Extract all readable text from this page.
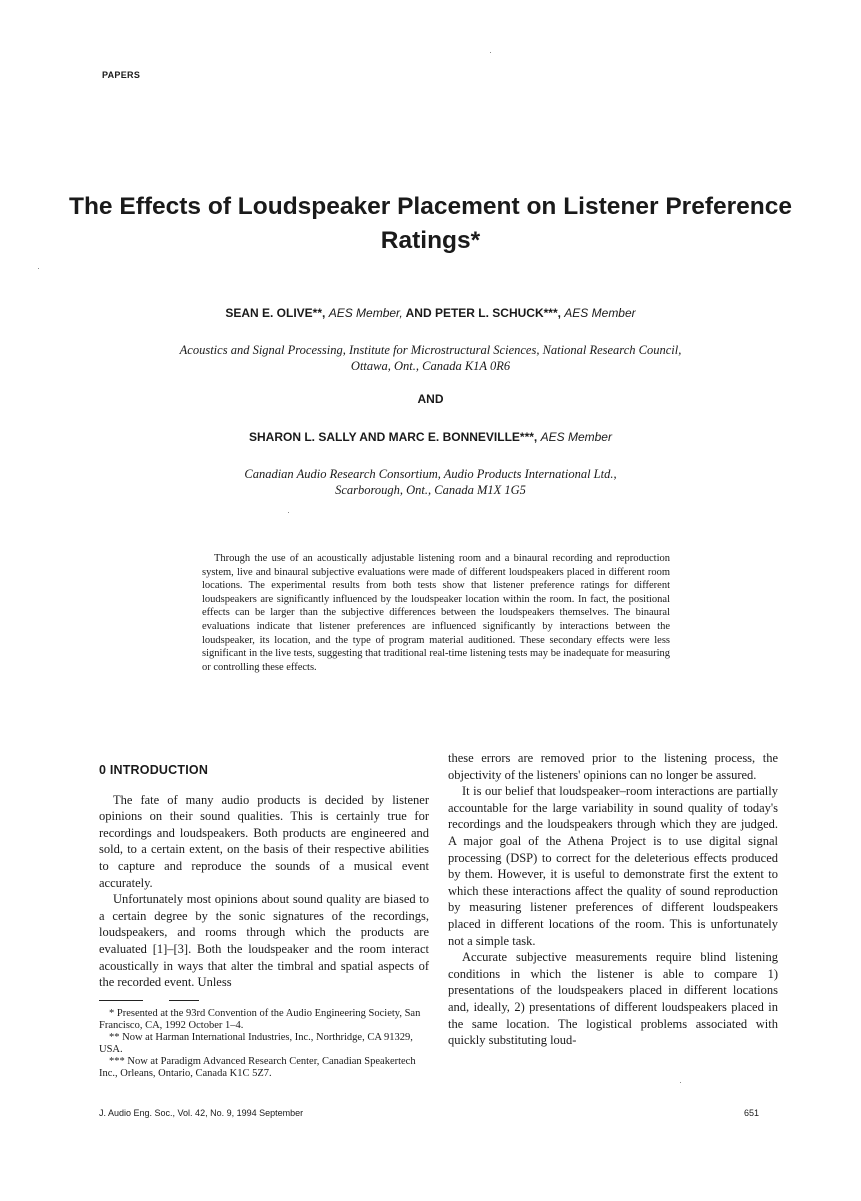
PAPERS
The Effects of Loudspeaker Placement on Listener Preference Ratings*
SEAN E. OLIVE**, AES Member, AND PETER L. SCHUCK***, AES Member
Acoustics and Signal Processing, Institute for Microstructural Sciences, National Research Council,
Ottawa, Ont., Canada K1A 0R6
AND
SHARON L. SALLY AND MARC E. BONNEVILLE***, AES Member
Canadian Audio Research Consortium, Audio Products International Ltd.,
Scarborough, Ont., Canada M1X 1G5
Through the use of an acoustically adjustable listening room and a binaural recording and reproduction system, live and binaural subjective evaluations were made of different loudspeakers placed in different room locations. The experimental results from both tests show that listener preference ratings for different loudspeakers are significantly influenced by the loudspeaker location within the room. In fact, the positional effects can be larger than the subjective differences between the loudspeakers themselves. The binaural evaluations indicate that listener preferences are influenced significantly by interactions between the loudspeaker, its location, and the type of program material auditioned. These secondary effects were less significant in the live tests, suggesting that traditional real-time listening tests may be inadequate for measuring or controlling these effects.
0 INTRODUCTION

The fate of many audio products is decided by listener opinions on their sound qualities. This is certainly true for recordings and loudspeakers. Both products are engineered and sold, to a certain extent, on the basis of their respective abilities to capture and reproduce the sounds of a musical event accurately.

Unfortunately most opinions about sound quality are biased to a certain degree by the sonic signatures of the recordings, loudspeakers, and rooms through which the products are evaluated [1]–[3]. Both the loudspeaker and the room interact acoustically in ways that alter the timbral and spatial aspects of the recorded event. Unless

these errors are removed prior to the listening process, the objectivity of the listeners' opinions can no longer be assured.

It is our belief that loudspeaker–room interactions are partially accountable for the large variability in sound quality of today's recordings and the loudspeakers through which they are judged. A major goal of the Athena Project is to use digital signal processing (DSP) to correct for the deleterious effects produced by them. However, it is useful to demonstrate first the extent to which these interactions affect the quality of sound reproduction by measuring listener preferences of different loudspeakers placed in different locations of the room. This is unfortunately not a simple task.

Accurate subjective measurements require blind listening conditions in which the listener is able to compare 1) presentations of the loudspeakers placed in different locations and, ideally, 2) presentations of different loudspeakers placed in the same location. The logistical problems associated with quickly substituting loud-

* Presented at the 93rd Convention of the Audio Engineering Society, San Francisco, CA, 1992 October 1–4.

** Now at Harman International Industries, Inc., Northridge, CA 91329, USA.

*** Now at Paradigm Advanced Research Center, Canadian Speakertech Inc., Orleans, Ontario, Canada K1C 5Z7.

J. Audio Eng. Soc., Vol. 42, No. 9, 1994 September	651
